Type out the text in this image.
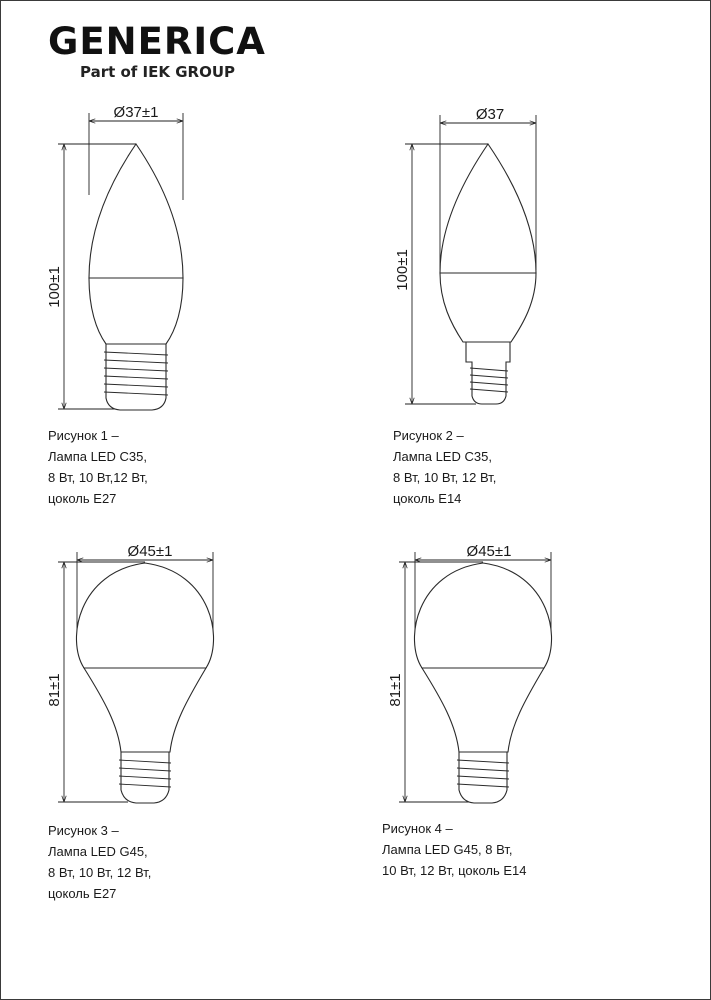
GENERICA
Part of IEK GROUP
Ø37±1
100±1
Ø37
100±1
Ø45±1
81±1
Ø45±1
81±1
Рисунок 1 –
Лампа LED C35,
8 Вт, 10 Вт,12 Вт,
цоколь E27
Рисунок 2 –
Лампа LED C35,
8 Вт, 10 Вт, 12 Вт,
цоколь E14
Рисунок 3 –
Лампа LED G45,
8 Вт, 10 Вт, 12 Вт,
цоколь E27
Рисунок 4 –
Лампа LED G45, 8 Вт,
10 Вт, 12 Вт, цоколь E14
